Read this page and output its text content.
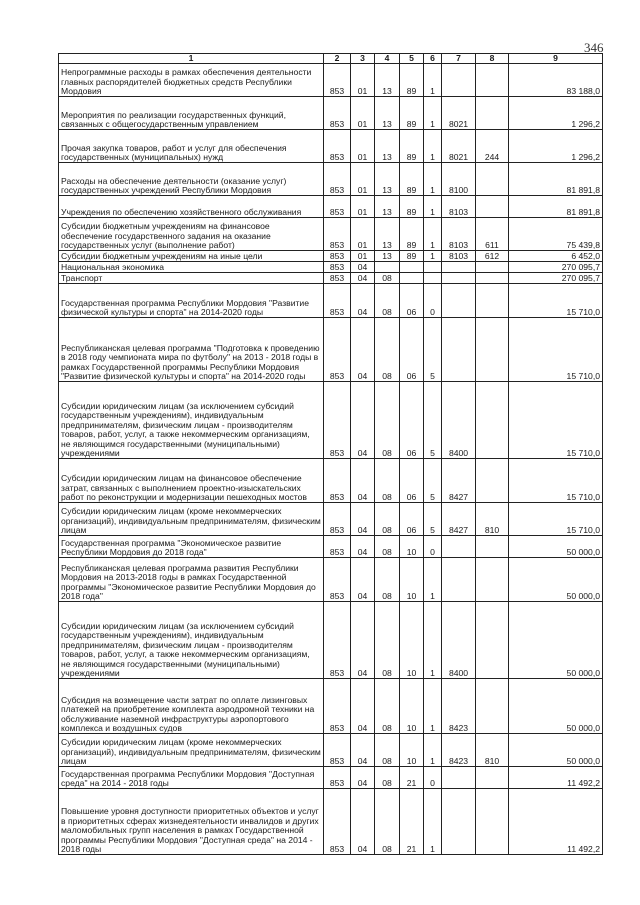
346
1	2	3	4	5	6	7	8	9
Непрограммные расходы в рамках обеспечения деятельности главных распорядителей бюджетных средств Республики Мордовия	853	01	13	89	1			83 188,0
Мероприятия по реализации государственных функций, связанных с общегосударственным управлением	853	01	13	89	1	8021		1 296,2
Прочая закупка товаров, работ и услуг для обеспечения государственных (муниципальных) нужд	853	01	13	89	1	8021	244	1 296,2
Расходы на обеспечение деятельности (оказание услуг) государственных учреждений Республики Мордовия	853	01	13	89	1	8100		81 891,8
Учреждения по обеспечению хозяйственного обслуживания	853	01	13	89	1	8103		81 891,8
Субсидии бюджетным учреждениям на финансовое обеспечение государственного задания на оказание государственных услуг (выполнение работ)	853	01	13	89	1	8103	611	75 439,8
Субсидии бюджетным учреждениям на иные цели	853	01	13	89	1	8103	612	6 452,0
Национальная экономика	853	04						270 095,7
Транспорт	853	04	08					270 095,7
Государственная программа Республики Мордовия "Развитие физической культуры и спорта" на 2014-2020 годы	853	04	08	06	0			15 710,0
Республиканская целевая программа "Подготовка к проведению в 2018 году чемпионата мира по футболу" на 2013 - 2018 годы в рамках Государственной программы Республики Мордовия "Развитие физической культуры и спорта" на 2014-2020 годы	853	04	08	06	5			15 710,0
Субсидии юридическим лицам (за исключением субсидий государственным учреждениям), индивидуальным предпринимателям, физическим лицам - производителям товаров, работ, услуг, а также некоммерческим организациям, не являющимся государственными (муниципальными) учреждениями	853	04	08	06	5	8400		15 710,0
Субсидии юридическим лицам на финансовое обеспечение затрат, связанных с выполнением проектно-изыскательских работ по реконструкции и модернизации пешеходных мостов	853	04	08	06	5	8427		15 710,0
Субсидии юридическим лицам (кроме некоммерческих организаций), индивидуальным предпринимателям, физическим лицам	853	04	08	06	5	8427	810	15 710,0
Государственная программа "Экономическое развитие Республики Мордовия до 2018 года"	853	04	08	10	0			50 000,0
Республиканская целевая программа развития Республики Мордовия на 2013-2018 годы в рамках Государственной программы "Экономическое развитие Республики Мордовия до 2018 года"	853	04	08	10	1			50 000,0
Субсидии юридическим лицам (за исключением субсидий государственным учреждениям), индивидуальным предпринимателям, физическим лицам - производителям товаров, работ, услуг, а также некоммерческим организациям, не являющимся государственными (муниципальными) учреждениями	853	04	08	10	1	8400		50 000,0
Субсидия на возмещение части затрат по оплате лизинговых платежей на приобретение комплекта аэродромной техники на обслуживание наземной инфраструктуры аэропортового комплекса и воздушных судов	853	04	08	10	1	8423		50 000,0
Субсидии юридическим лицам (кроме некоммерческих организаций), индивидуальным предпринимателям, физическим лицам	853	04	08	10	1	8423	810	50 000,0
Государственная программа Республики Мордовия "Доступная среда" на 2014 - 2018 годы	853	04	08	21	0			11 492,2
Повышение уровня доступности приоритетных объектов и услуг в приоритетных сферах жизнедеятельности инвалидов и других маломобильных групп населения в рамках Государственной программы Республики Мордовия "Доступная среда" на 2014 - 2018 годы	853	04	08	21	1			11 492,2
